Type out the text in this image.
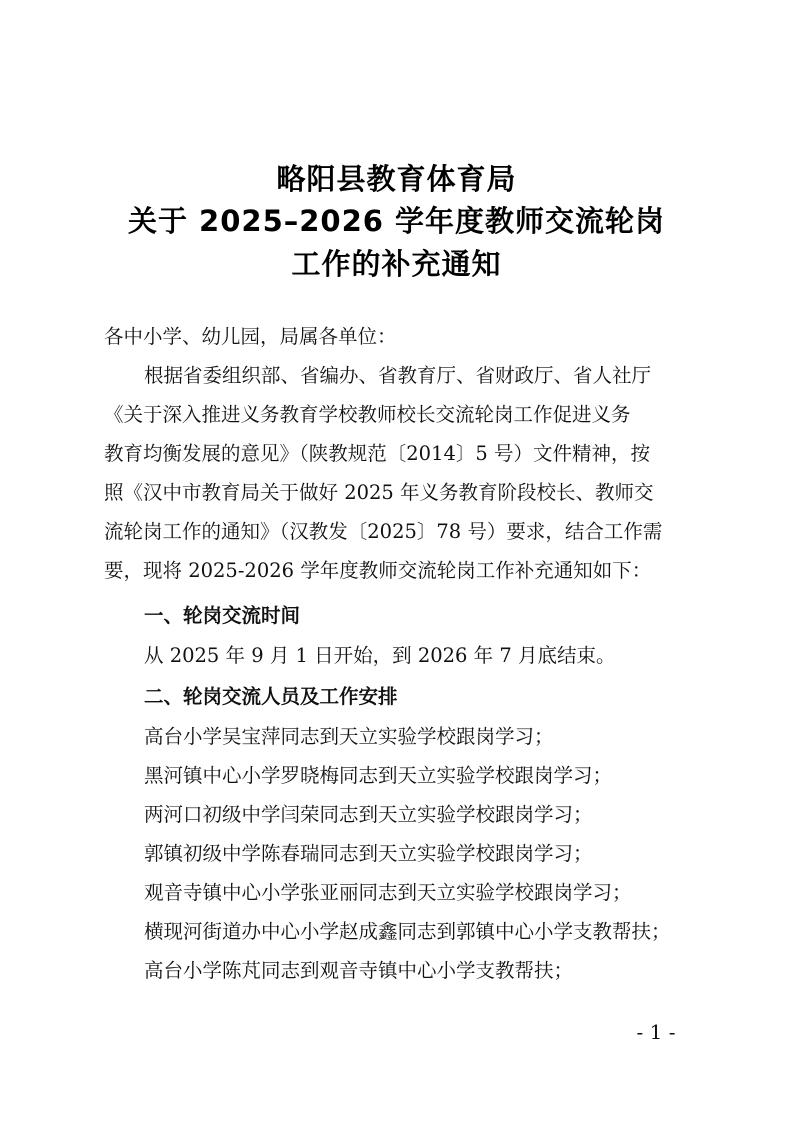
略阳县教育体育局
关于 2025–2026 学年度教师交流轮岗
工作的补充通知
各中小学、幼儿园，局属各单位：
根据省委组织部、省编办、省教育厅、省财政厅、省人社厅
《关于深入推进义务教育学校教师校长交流轮岗工作促进义务
教育均衡发展的意见》（陕教规范〔2014〕5 号）文件精神，按
照《汉中市教育局关于做好 2025 年义务教育阶段校长、教师交
流轮岗工作的通知》（汉教发〔2025〕78 号）要求，结合工作需
要，现将 2025-2026 学年度教师交流轮岗工作补充通知如下：
一、轮岗交流时间
从 2025 年 9 月 1 日开始，到 2026 年 7 月底结束。
二、轮岗交流人员及工作安排
高台小学吴宝萍同志到天立实验学校跟岗学习；
黑河镇中心小学罗晓梅同志到天立实验学校跟岗学习；
两河口初级中学闫荣同志到天立实验学校跟岗学习；
郭镇初级中学陈春瑞同志到天立实验学校跟岗学习；
观音寺镇中心小学张亚丽同志到天立实验学校跟岗学习；
横现河街道办中心小学赵成鑫同志到郭镇中心小学支教帮扶；
高台小学陈芃同志到观音寺镇中心小学支教帮扶；
- 1 -
